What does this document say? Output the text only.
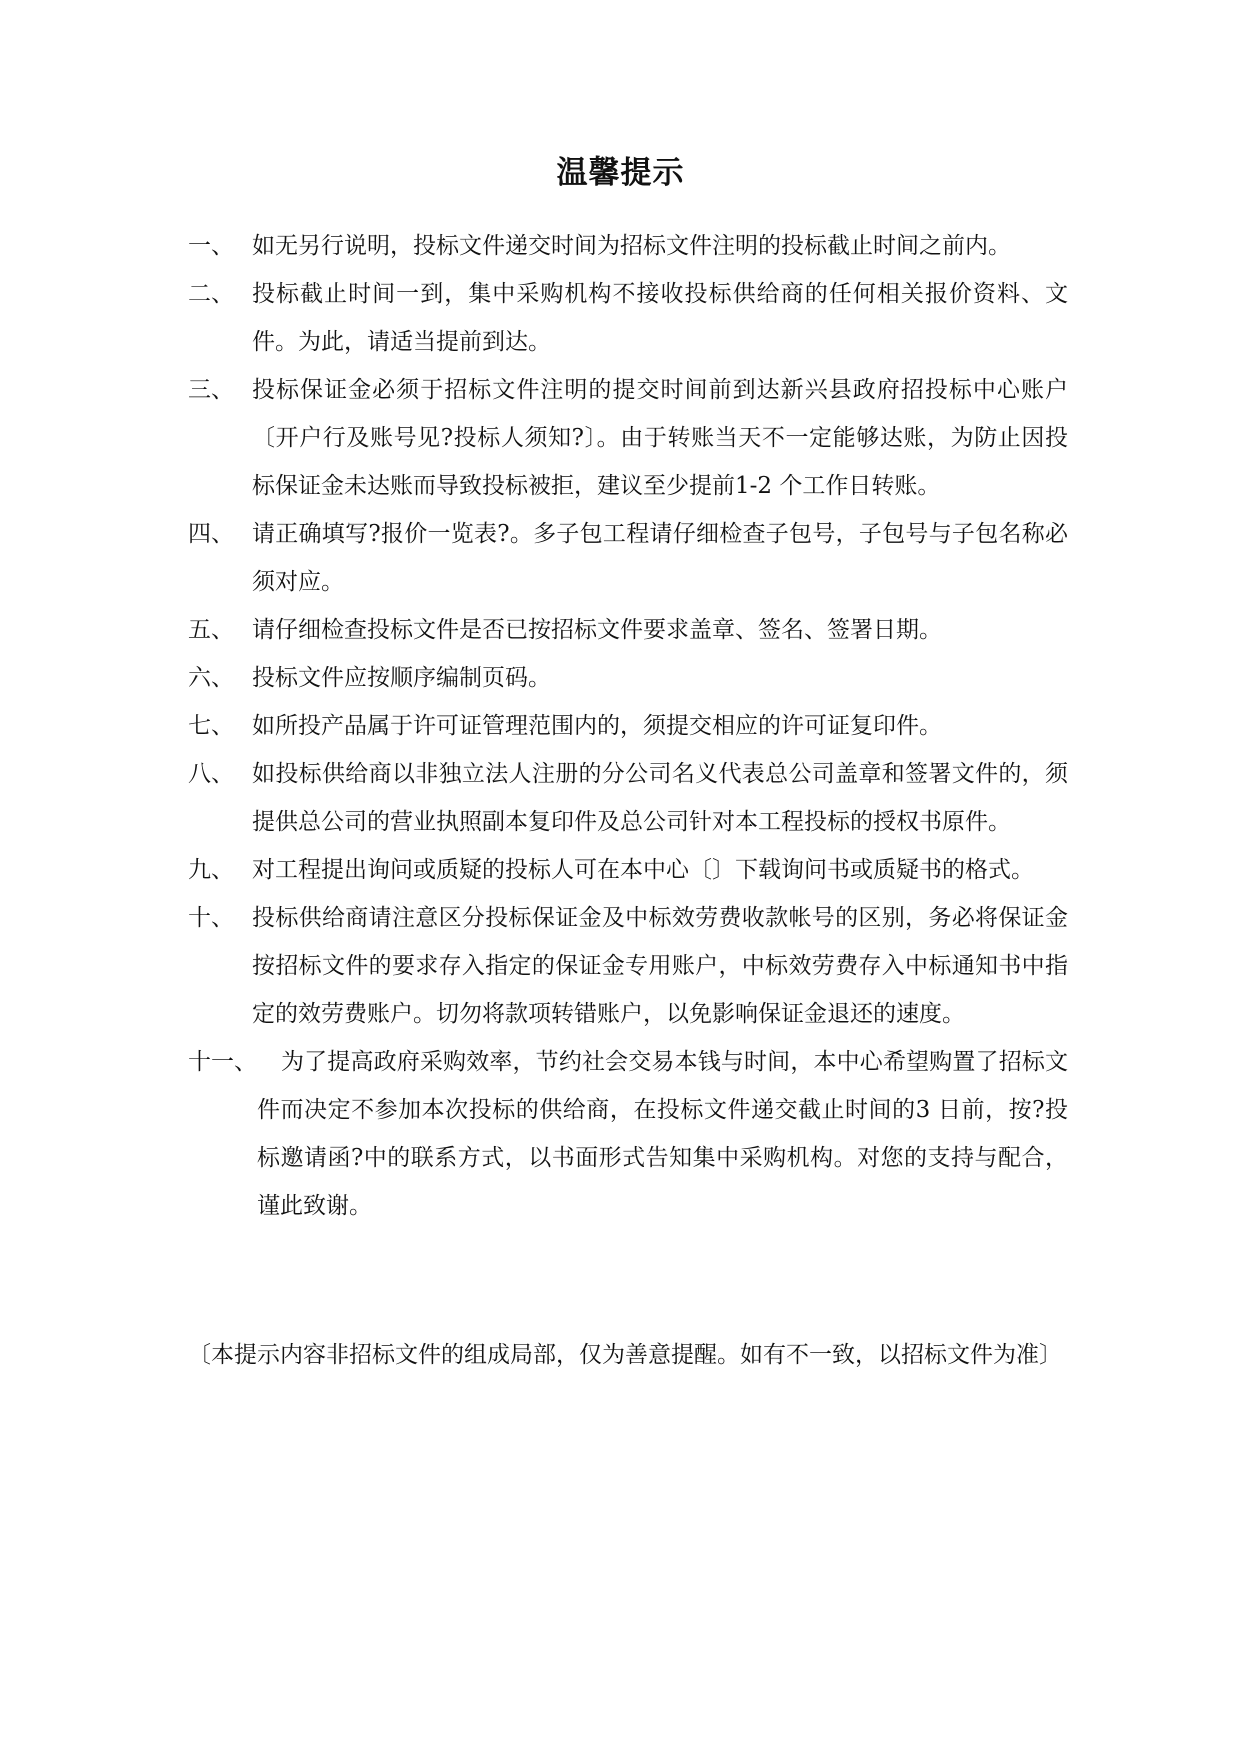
温馨提示
一、 如无另行说明，投标文件递交时间为招标文件注明的投标截止时间之前内。
二、 投标截止时间一到，集中采购机构不接收投标供给商的任何相关报价资料、文件。为此，请适当提前到达。
三、 投标保证金必须于招标文件注明的提交时间前到达新兴县政府招投标中心账户〔开户行及账号见?投标人须知?〕。由于转账当天不一定能够达账，为防止因投标保证金未达账而导致投标被拒，建议至少提前1-2 个工作日转账。
四、 请正确填写?报价一览表?。多子包工程请仔细检查子包号，子包号与子包名称必须对应。
五、 请仔细检查投标文件是否已按招标文件要求盖章、签名、签署日期。
六、 投标文件应按顺序编制页码。
七、 如所投产品属于许可证管理范围内的，须提交相应的许可证复印件。
八、 如投标供给商以非独立法人注册的分公司名义代表总公司盖章和签署文件的，须提供总公司的营业执照副本复印件及总公司针对本工程投标的授权书原件。
九、 对工程提出询问或质疑的投标人可在本中心〔〕下载询问书或质疑书的格式。
十、 投标供给商请注意区分投标保证金及中标效劳费收款帐号的区别，务必将保证金按招标文件的要求存入指定的保证金专用账户，中标效劳费存入中标通知书中指定的效劳费账户。切勿将款项转错账户，以免影响保证金退还的速度。
十一、	为了提高政府采购效率，节约社会交易本钱与时间，本中心希望购置了招标文件而决定不参加本次投标的供给商，在投标文件递交截止时间的3 日前，按?投标邀请函?中的联系方式，以书面形式告知集中采购机构。对您的支持与配合，谨此致谢。
〔本提示内容非招标文件的组成局部，仅为善意提醒。如有不一致，以招标文件为准〕
